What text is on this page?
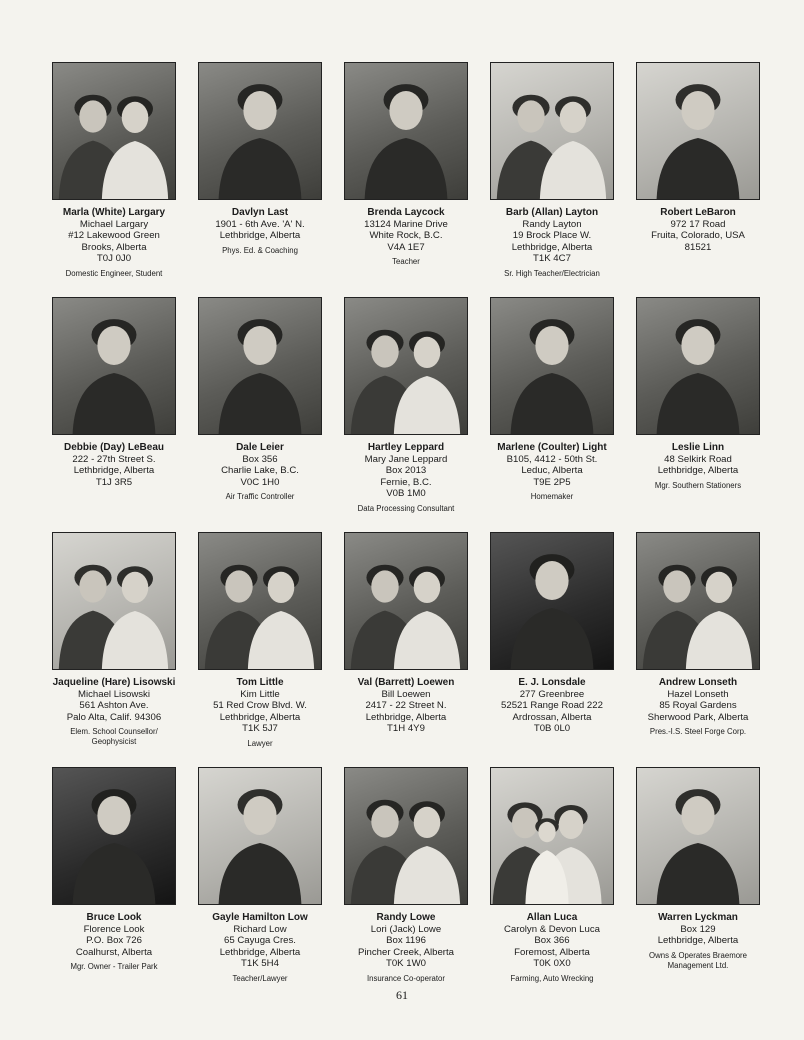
Marla (White) Largary
Michael Largary
#12 Lakewood Green
Brooks, Alberta
T0J 0J0
Domestic Engineer, Student
Davlyn Last
1901 - 6th Ave. 'A' N.
Lethbridge, Alberta
Phys. Ed. & Coaching
Brenda Laycock
13124 Marine Drive
White Rock, B.C.
V4A 1E7
Teacher
Barb (Allan) Layton
Randy Layton
19 Brock Place W.
Lethbridge, Alberta
T1K 4C7
Sr. High Teacher/Electrician
Robert LeBaron
972 17 Road
Fruita, Colorado, USA
81521
Debbie (Day) LeBeau
222 - 27th Street S.
Lethbridge, Alberta
T1J 3R5
Dale Leier
Box 356
Charlie Lake, B.C.
V0C 1H0
Air Traffic Controller
Hartley Leppard
Mary Jane Leppard
Box 2013
Fernie, B.C.
V0B 1M0
Data Processing Consultant
Marlene (Coulter) Light
B105, 4412 - 50th St.
Leduc, Alberta
T9E 2P5
Homemaker
Leslie Linn
48 Selkirk Road
Lethbridge, Alberta
Mgr. Southern Stationers
Jaqueline (Hare) Lisowski
Michael Lisowski
561 Ashton Ave.
Palo Alta, Calif. 94306
Elem. School Counsellor/
Geophysicist
Tom Little
Kim Little
51 Red Crow Blvd. W.
Lethbridge, Alberta
T1K 5J7
Lawyer
Val (Barrett) Loewen
Bill Loewen
2417 - 22 Street N.
Lethbridge, Alberta
T1H 4Y9
E. J. Lonsdale
277 Greenbree
52521 Range Road 222
Ardrossan, Alberta
T0B 0L0
Andrew Lonseth
Hazel Lonseth
85 Royal Gardens
Sherwood Park, Alberta
Pres.-I.S. Steel Forge Corp.
Bruce Look
Florence Look
P.O. Box 726
Coalhurst, Alberta
Mgr. Owner - Trailer Park
Gayle Hamilton Low
Richard Low
65 Cayuga Cres.
Lethbridge, Alberta
T1K 5H4
Teacher/Lawyer
Randy Lowe
Lori (Jack) Lowe
Box 1196
Pincher Creek, Alberta
T0K 1W0
Insurance Co-operator
Allan Luca
Carolyn & Devon Luca
Box 366
Foremost, Alberta
T0K 0X0
Farming, Auto Wrecking
Warren Lyckman
Box 129
Lethbridge, Alberta
Owns & Operates Braemore
Management Ltd.
61
